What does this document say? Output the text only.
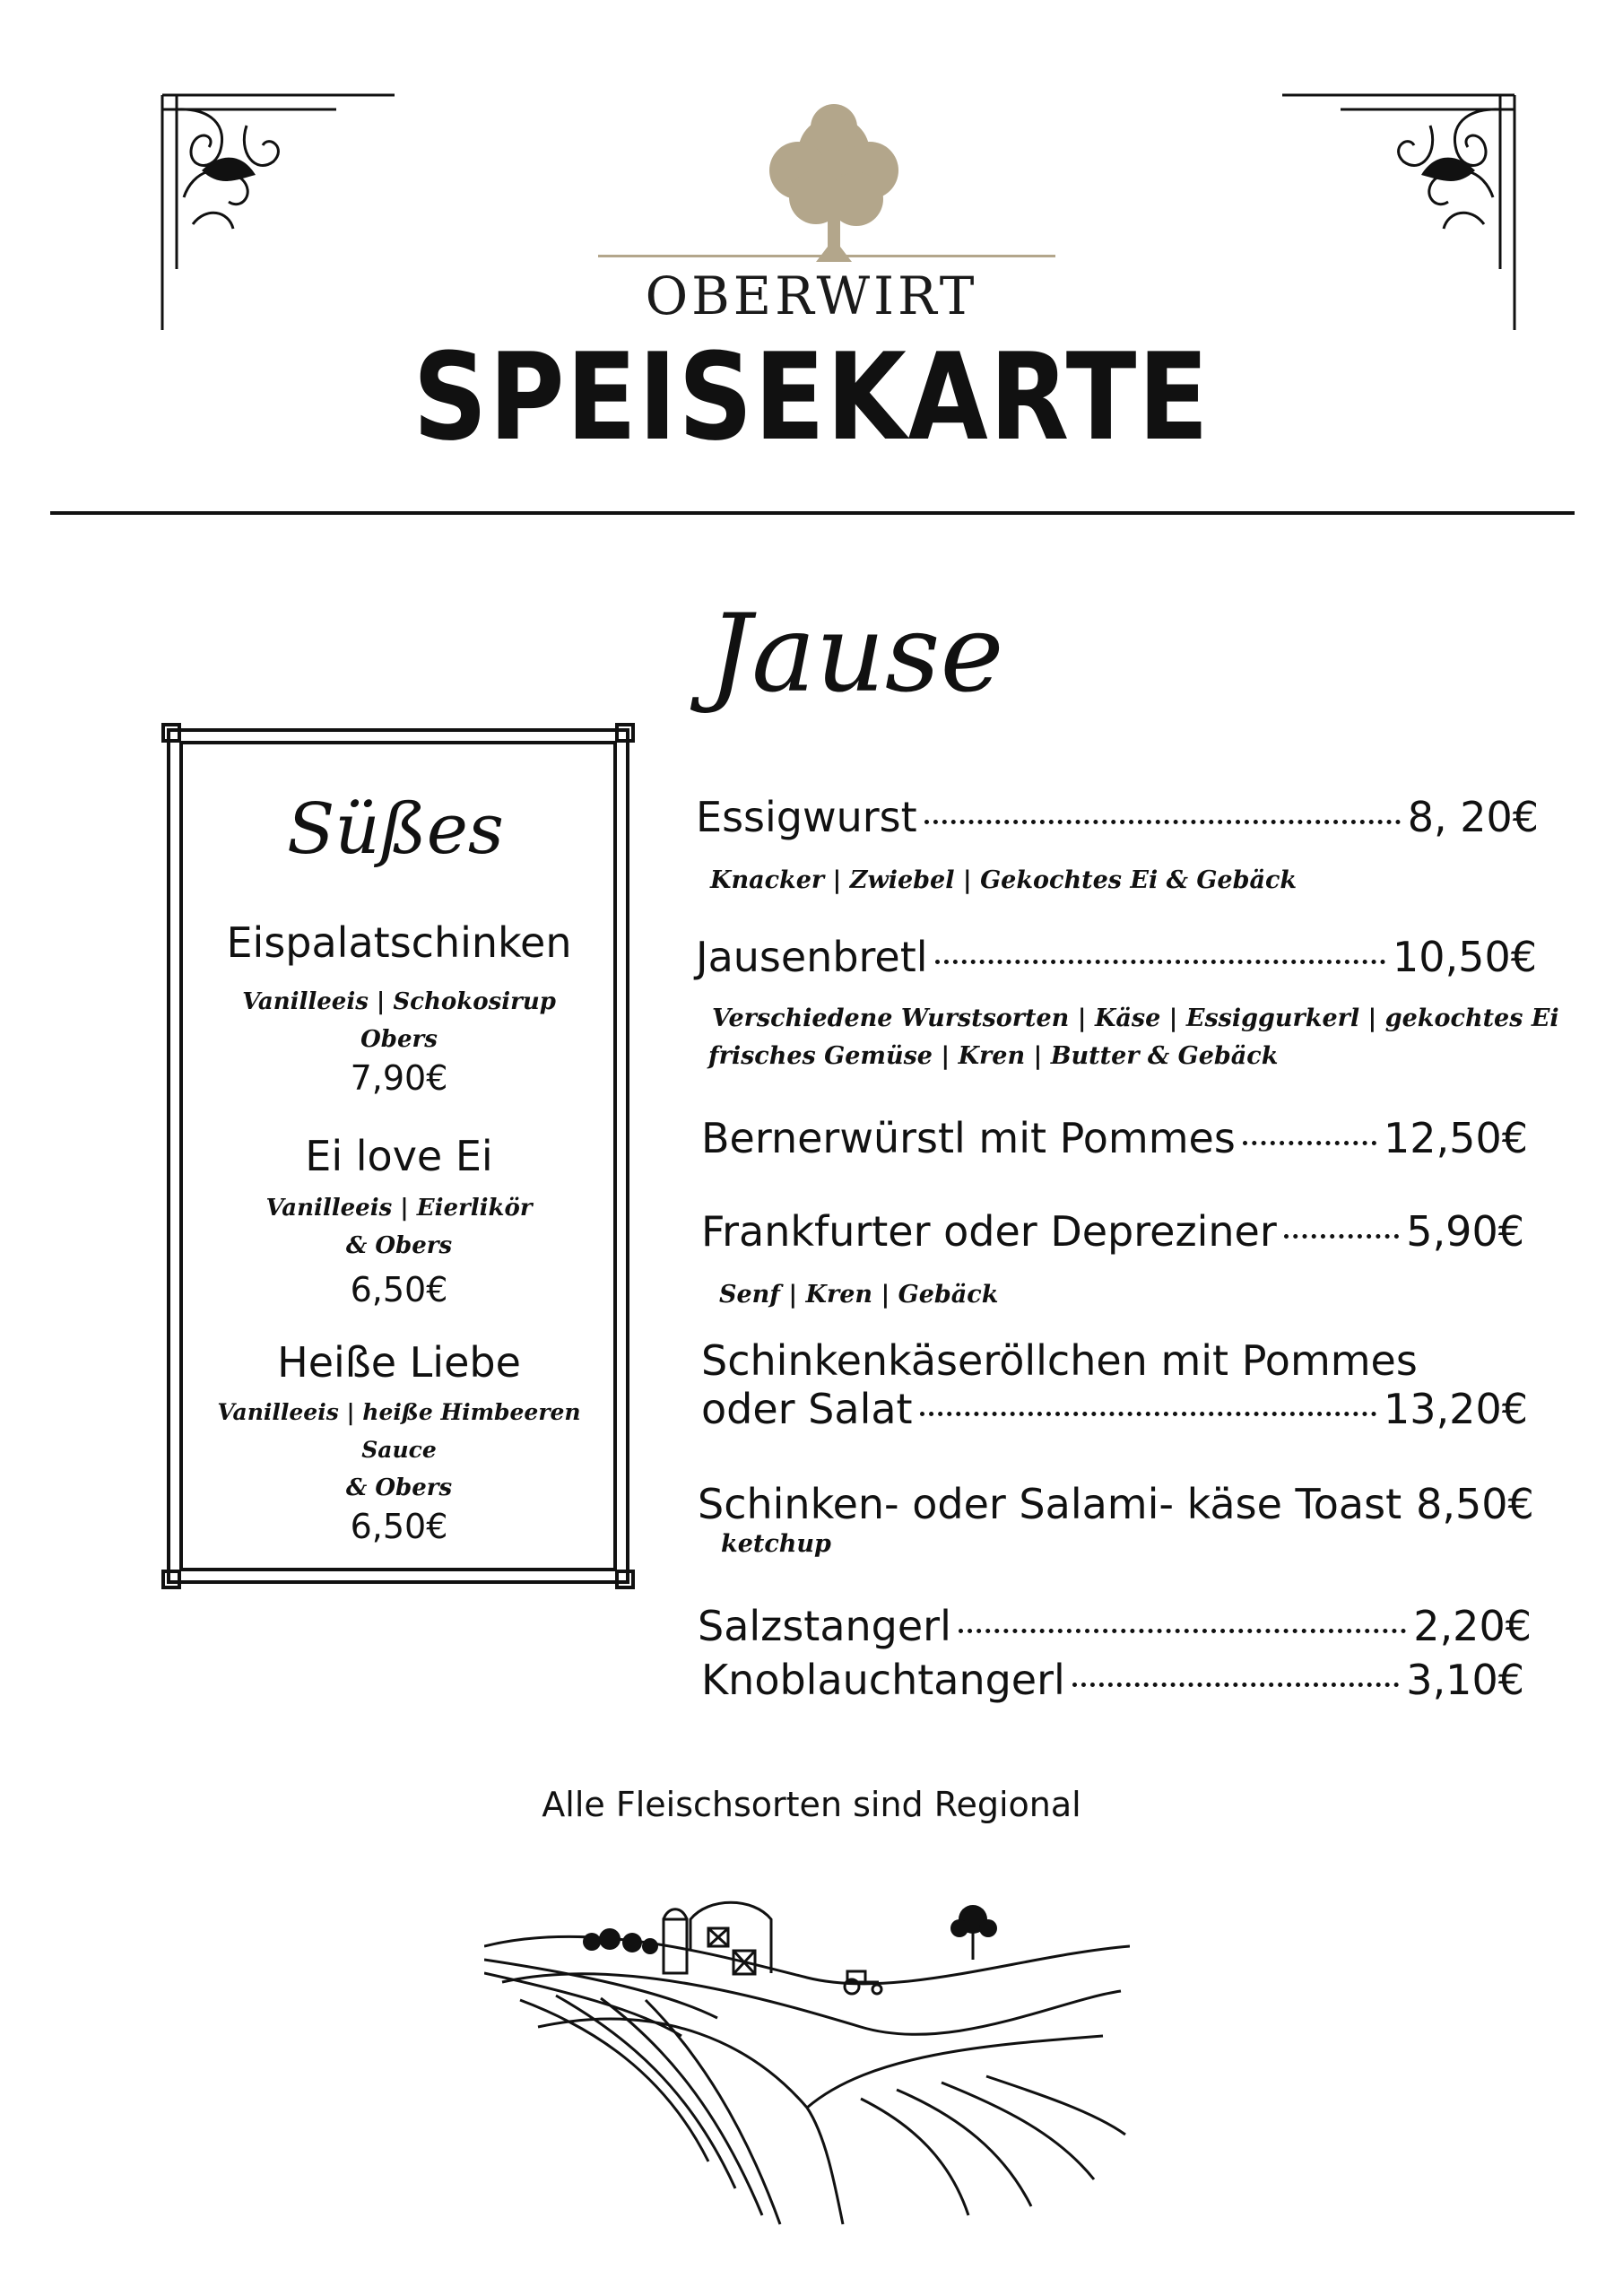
OBERWIRT
SPEISEKARTE
Jause
Süßes
Eispalatschinken
Vanilleeis | Schokosirup
Obers
7,90€
Ei love Ei
Vanilleeis | Eierlikör
& Obers
6,50€
Heiße Liebe
Vanilleeis | heiße Himbeeren Sauce
& Obers
6,50€
Essigwurst	8, 20€
Knacker | Zwiebel | Gekochtes Ei & Gebäck
Jausenbretl	10,50€
Verschiedene Wurstsorten | Käse | Essiggurkerl | gekochtes Ei
frisches Gemüse | Kren | Butter & Gebäck
Bernerwürstl mit Pommes	12,50€
Frankfurter oder Depreziner	5,90€
Senf | Kren | Gebäck
Schinkenkäseröllchen mit Pommes
oder Salat	13,20€
Schinken- oder Salami- käse Toast 8,50€
ketchup
Salzstangerl	2,20€
Knoblauchtangerl	3,10€
Alle Fleischsorten sind Regional
